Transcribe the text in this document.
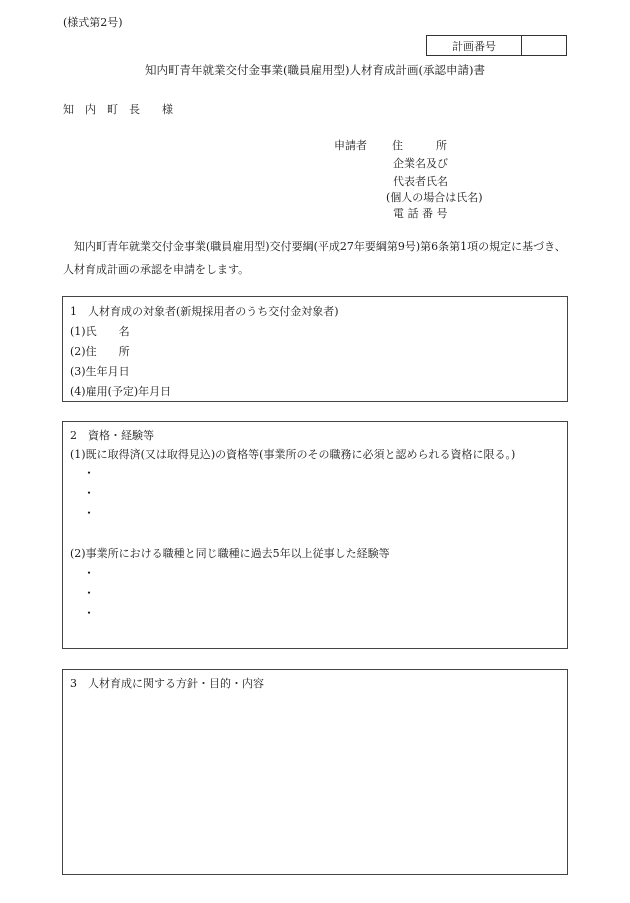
(様式第2号)
計画番号
知内町青年就業交付金事業(職員雇用型)人材育成計画(承認申請)書
知　内　町　長　　様
申請者 住　　　所
企業名及び
代表者氏名
(個人の場合は氏名)
電 話 番 号
知内町青年就業交付金事業(職員雇用型)交付要綱(平成27年要綱第9号)第6条第1項の規定に基づき、人材育成計画の承認を申請をします。
1　人材育成の対象者(新規採用者のうち交付金対象者)
(1)氏　　名
(2)住　　所
(3)生年月日
(4)雇用(予定)年月日
2　資格・経験等
(1)既に取得済(又は取得見込)の資格等(事業所のその職務に必須と認められる資格に限る。)
・
・
・
(2)事業所における職種と同じ職種に過去5年以上従事した経験等
・
・
・
3　人材育成に関する方針・目的・内容
